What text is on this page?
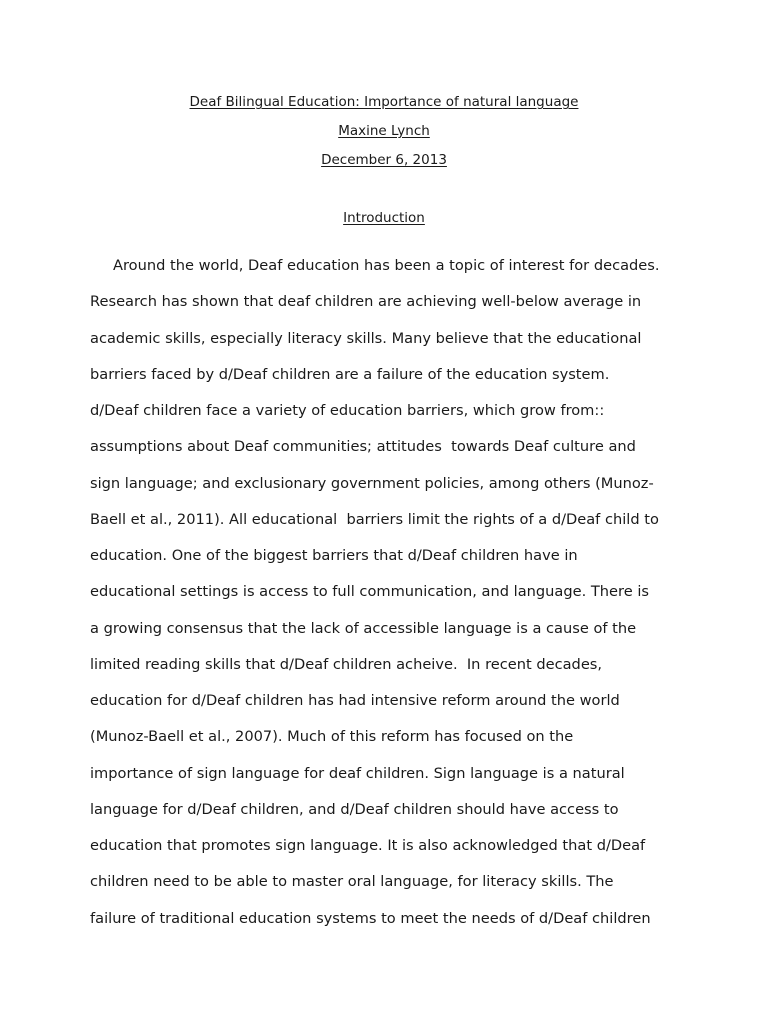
Deaf Bilingual Education: Importance of natural language
Maxine Lynch
December 6, 2013
Introduction
Around the world, Deaf education has been a topic of interest for decades.
Research has shown that deaf children are achieving well-below average in
academic skills, especially literacy skills. Many believe that the educational
barriers faced by d/Deaf children are a failure of the education system.
d/Deaf children face a variety of education barriers, which grow from::
assumptions about Deaf communities; attitudes  towards Deaf culture and
sign language; and exclusionary government policies, among others (Munoz-
Baell et al., 2011). All educational  barriers limit the rights of a d/Deaf child to
education. One of the biggest barriers that d/Deaf children have in
educational settings is access to full communication, and language. There is
a growing consensus that the lack of accessible language is a cause of the
limited reading skills that d/Deaf children acheive.  In recent decades,
education for d/Deaf children has had intensive reform around the world
(Munoz-Baell et al., 2007). Much of this reform has focused on the
importance of sign language for deaf children. Sign language is a natural
language for d/Deaf children, and d/Deaf children should have access to
education that promotes sign language. It is also acknowledged that d/Deaf
children need to be able to master oral language, for literacy skills. The
failure of traditional education systems to meet the needs of d/Deaf children
